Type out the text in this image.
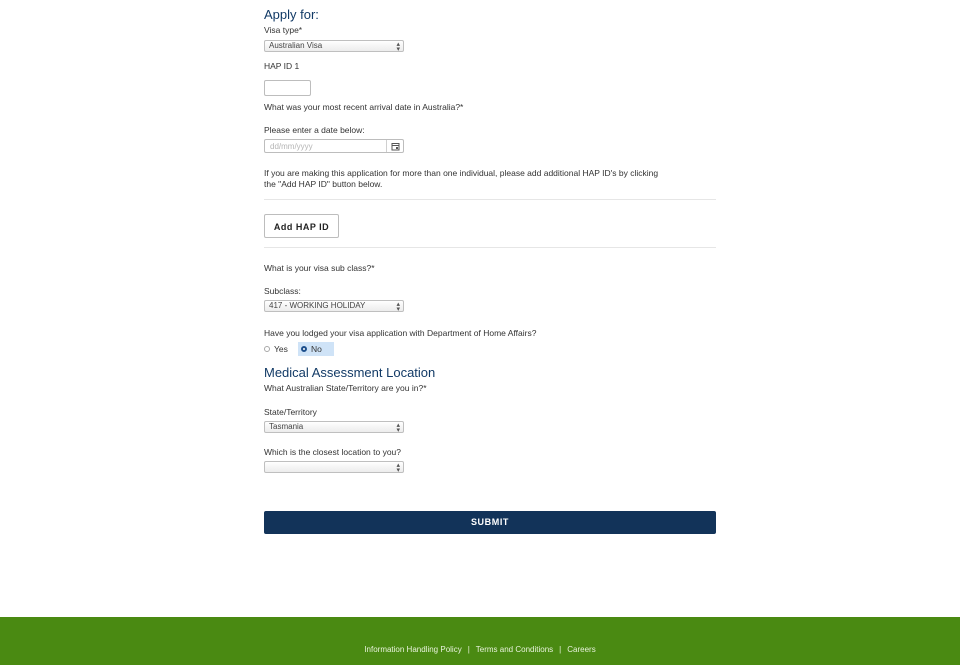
Apply for:
Visa type*
Australian Visa	▴
▾
HAP ID 1
What was your most recent arrival date in Australia?*
Please enter a date below:
dd/mm/yyyy
If you are making this application for more than one individual, please add additional HAP ID's by clicking
the "Add HAP ID" button below.
Add HAP ID
What is your visa sub class?*
Subclass:
417 - WORKING HOLIDAY	▴
▾
Have you lodged your visa application with Department of Home Affairs?
Yes	No
Medical Assessment Location
What Australian State/Territory are you in?*
State/Territory
Tasmania	▴
▾
Which is the closest location to you?
▴
▾
SUBMIT
Information Handling Policy | Terms and Conditions | Careers
